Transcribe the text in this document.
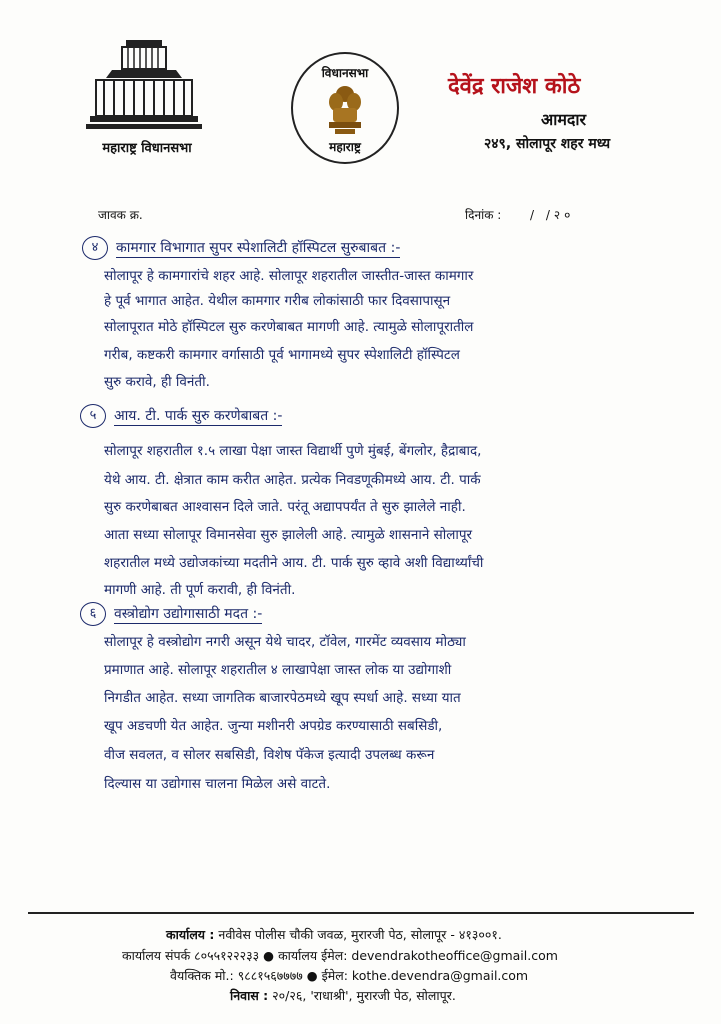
महाराष्ट्र विधानसभा
विधानसभा
महाराष्ट्र
देवेंद्र राजेश कोठे
आमदार
२४९, सोलापूर शहर मध्य
जावक क्र.	दिनांक : / /२०
४	कामगार विभागात सुपर स्पेशालिटी हॉस्पिटल सुरुबाबत :-
सोलापूर हे कामगारांचे शहर आहे. सोलापूर शहरातील जास्तीत-जास्त कामगार
हे पूर्व भागात आहेत. येथील कामगार गरीब लोकांसाठी फार दिवसापासून
सोलापूरात मोठे हॉस्पिटल सुरु करणेबाबत मागणी आहे. त्यामुळे सोलापूरातील
गरीब, कष्टकरी कामगार वर्गासाठी पूर्व भागामध्ये सुपर स्पेशालिटी हॉस्पिटल
सुरु करावे, ही विनंती.
५	आय. टी. पार्क सुरु करणेबाबत :-
सोलापूर शहरातील १.५ लाखा पेक्षा जास्त विद्यार्थी पुणे मुंबई, बेंगलोर, हैद्राबाद,
येथे आय. टी. क्षेत्रात काम करीत आहेत. प्रत्येक निवडणूकीमध्ये आय. टी. पार्क
सुरु करणेबाबत आश्वासन दिले जाते. परंतू अद्यापपर्यंत ते सुरु झालेले नाही.
आता सध्या सोलापूर विमानसेवा सुरु झालेली आहे. त्यामुळे शासनाने सोलापूर
शहरातील मध्ये उद्योजकांच्या मदतीने आय. टी. पार्क सुरु व्हावे अशी विद्यार्थ्यांची
मागणी आहे. ती पूर्ण करावी, ही विनंती.
६	वस्त्रोद्योग उद्योगासाठी मदत :-
सोलापूर हे वस्त्रोद्योग नगरी असून येथे चादर, टॉवेल, गारमेंट व्यवसाय मोठ्या
प्रमाणात आहे. सोलापूर शहरातील ४ लाखापेक्षा जास्त लोक या उद्योगाशी
निगडीत आहेत. सध्या जागतिक बाजारपेठमध्ये खूप स्पर्धा आहे. सध्या यात
खूप अडचणी येत आहेत. जुन्या मशीनरी अपग्रेड करण्यासाठी सबसिडी,
वीज सवलत, व सोलर सबसिडी, विशेष पॅकेज इत्यादी उपलब्ध करून
दिल्यास या उद्योगास चालना मिळेल असे वाटते.
कार्यालय : नवीवेस पोलीस चौकी जवळ, मुरारजी पेठ, सोलापूर - ४१३००१.
कार्यालय संपर्क ८०५५१२२२३३ ● कार्यालय ईमेल: devendrakotheoffice@gmail.com
वैयक्तिक मो.: ९८८१५६७७७७ ● ईमेल: kothe.devendra@gmail.com
निवास : २०/२६, 'राधाश्री', मुरारजी पेठ, सोलापूर.
